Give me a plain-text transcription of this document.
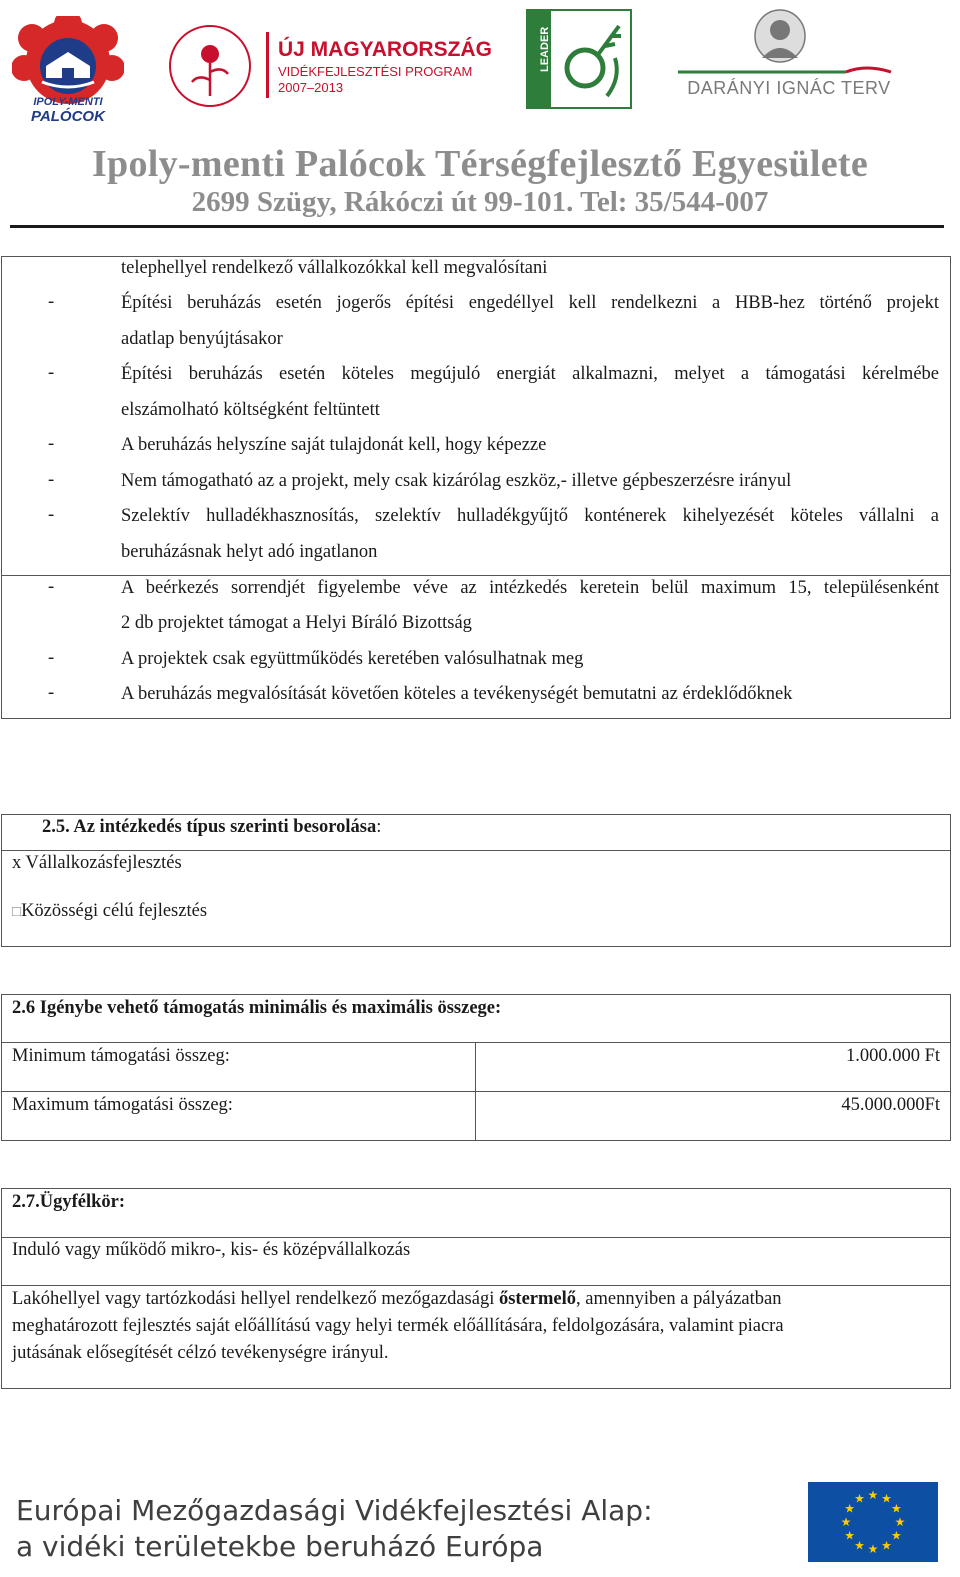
IPOLY-MENTI
PALÓCOK
ÚJ MAGYARORSZÁG
VIDÉKFEJLESZTÉSI PROGRAM
2007–2013
LEADER
DARÁNYI IGNÁC TERV
Ipoly-menti Palócok Térségfejlesztő Egyesülete
2699 Szügy, Rákóczi út 99-101. Tel: 35/544-007
telephellyel rendelkező vállalkozókkal kell megvalósítani
-	Építési beruházás esetén jogerős építési engedéllyel kell rendelkezni a HBB-hez történő projekt
adatlap benyújtásakor
-	Építési beruházás esetén köteles megújuló energiát alkalmazni, melyet a támogatási kérelmébe
elszámolható költségként feltüntett
-	A beruházás helyszíne saját tulajdonát kell, hogy képezze
-	Nem támogatható az a projekt, mely csak kizárólag eszköz,- illetve gépbeszerzésre irányul
-	Szelektív hulladékhasznosítás, szelektív hulladékgyűjtő konténerek kihelyezését köteles vállalni a
beruházásnak helyt adó ingatlanon
-	A beérkezés sorrendjét figyelembe véve az intézkedés keretein belül maximum 15, településenként
2 db projektet támogat a Helyi Bíráló Bizottság
-	A projektek csak együttműködés keretében valósulhatnak meg
-	A beruházás megvalósítását követően köteles a tevékenységét bemutatni az érdeklődőknek
2.5. Az intézkedés típus szerinti besorolása:
x Vállalkozásfejlesztés
□Közösségi célú fejlesztés
2.6 Igénybe vehető támogatás minimális és maximális összege:
Minimum támogatási összeg:	1.000.000 Ft
Maximum támogatási összeg:	45.000.000Ft
2.7.Ügyfélkör:
Induló vagy működő mikro-, kis- és középvállalkozás
Lakóhellyel vagy tartózkodási hellyel rendelkező mezőgazdasági őstermelő, amennyiben a pályázatban
meghatározott fejlesztés saját előállítású vagy helyi termék előállítására, feldolgozására, valamint piacra
jutásának elősegítését célzó tevékenységre irányul.
Európai Mezőgazdasági Vidékfejlesztési Alap:
a vidéki területekbe beruházó Európa
★ ★
★
★
★
★
★
★
★
★
★
★
